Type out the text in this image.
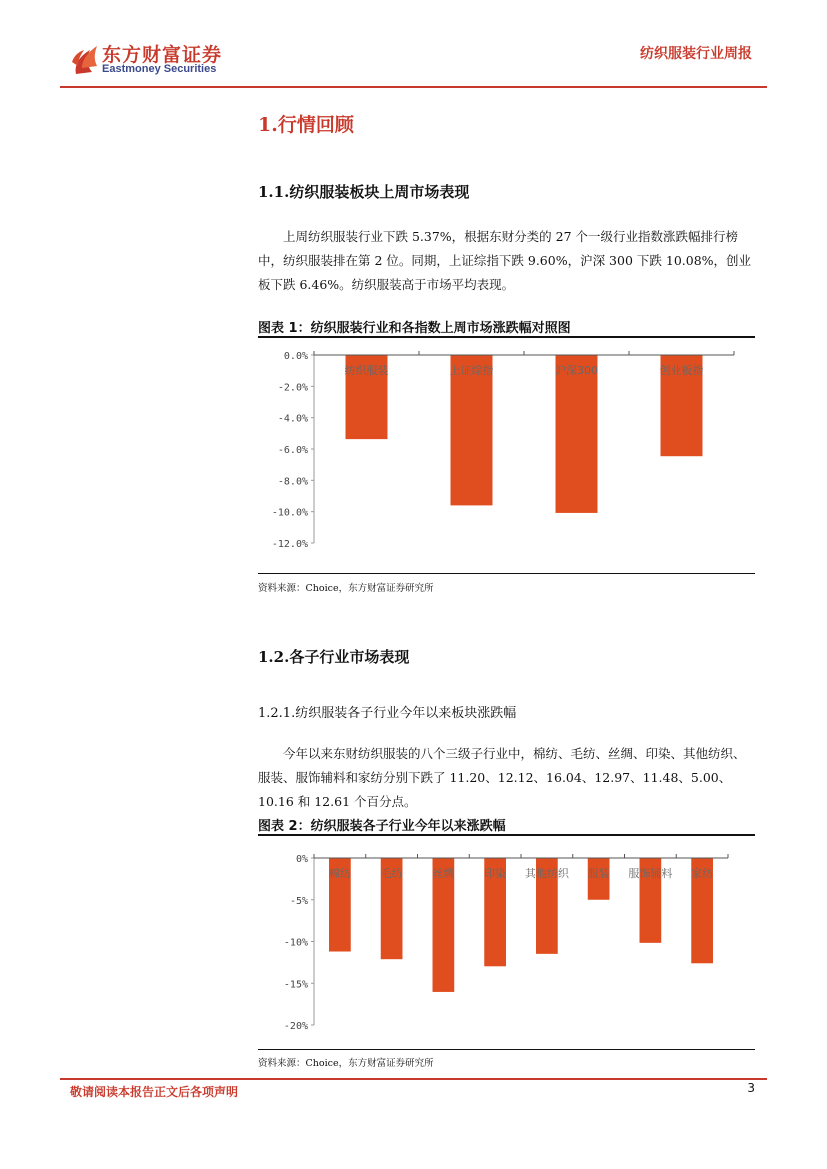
东方财富证券
Eastmoney Securities
纺织服装行业周报
1.行情回顾
1.1.纺织服装板块上周市场表现

上周纺织服装行业下跌 5.37%，根据东财分类的 27 个一级行业指数涨跌幅排行榜中，纺织服装排在第 2 位。同期，上证综指下跌 9.60%，沪深 300 下跌 10.08%，创业板下跌 6.46%。纺织服装高于市场平均表现。

图表 1：纺织服装行业和各指数上周市场涨跌幅对照图
0.0%
-2.0%
-4.0%
-6.0%
-8.0%
-10.0%
-12.0%
纺织服装	上证综指	沪深300	创业板指
资料来源：Choice，东方财富证券研究所
1.2.各子行业市场表现
1.2.1.纺织服装各子行业今年以来板块涨跌幅

今年以来东财纺织服装的八个三级子行业中，棉纺、毛纺、丝绸、印染、其他纺织、服装、服饰辅料和家纺分别下跌了 11.20、12.12、16.04、12.97、11.48、5.00、10.16 和 12.61 个百分点。

图表 2：纺织服装各子行业今年以来涨跌幅
0%
-5%
-10%
-15%
-20%
棉纺	毛纺	丝绸	印染 其他纺织 服装 服饰辅料 家纺
资料来源：Choice，东方财富证券研究所
敬请阅读本报告正文后各项声明	3
